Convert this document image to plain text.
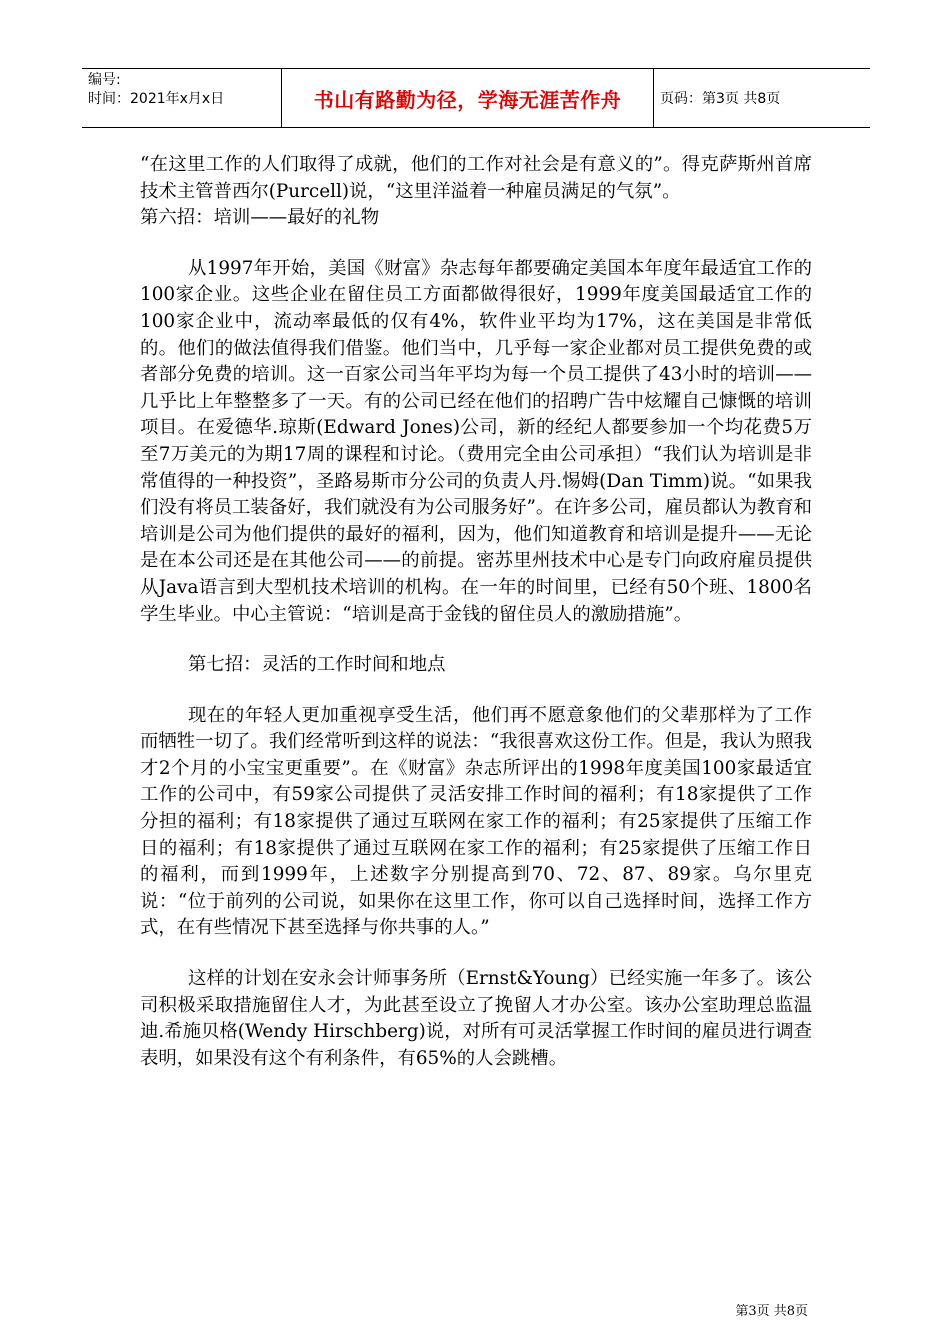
编号:
时间：2021年x月x日	书山有路勤为径，学海无涯苦作舟	页码：第3页 共8页

“在这里工作的人们取得了成就，他们的工作对社会是有意义的”。得克萨斯州首席技术主管普西尔(Purcell)说，“这里洋溢着一种雇员满足的气氛”。

第六招：培训——最好的礼物

从1997年开始，美国《财富》杂志每年都要确定美国本年度年最适宜工作的100家企业。这些企业在留住员工方面都做得很好，1999年度美国最适宜工作的100家企业中，流动率最低的仅有4%，软件业平均为17%，这在美国是非常低的。他们的做法值得我们借鉴。他们当中，几乎每一家企业都对员工提供免费的或者部分免费的培训。这一百家公司当年平均为每一个员工提供了43小时的培训——几乎比上年整整多了一天。有的公司已经在他们的招聘广告中炫耀自己慷慨的培训项目。在爱德华.琼斯(Edward Jones)公司，新的经纪人都要参加一个均花费5万至7万美元的为期17周的课程和讨论。（费用完全由公司承担）“我们认为培训是非常值得的一种投资”，圣路易斯市分公司的负责人丹.惕姆(Dan Timm)说。“如果我们没有将员工装备好，我们就没有为公司服务好”。在许多公司，雇员都认为教育和培训是公司为他们提供的最好的福利，因为，他们知道教育和培训是提升——无论是在本公司还是在其他公司——的前提。密苏里州技术中心是专门向政府雇员提供从Java语言到大型机技术培训的机构。在一年的时间里，已经有50个班、1800名学生毕业。中心主管说：“培训是高于金钱的留住员人的激励措施”。

第七招：灵活的工作时间和地点

现在的年轻人更加重视享受生活，他们再不愿意象他们的父辈那样为了工作而牺牲一切了。我们经常听到这样的说法：“我很喜欢这份工作。但是，我认为照我才2个月的小宝宝更重要”。在《财富》杂志所评出的1998年度美国100家最适宜工作的公司中，有59家公司提供了灵活安排工作时间的福利；有18家提供了工作分担的福利；有18家提供了通过互联网在家工作的福利；有25家提供了压缩工作日的福利；有18家提供了通过互联网在家工作的福利；有25家提供了压缩工作日的福利，而到1999年，上述数字分别提高到70、72、87、89家。乌尔里克说：“位于前列的公司说，如果你在这里工作，你可以自己选择时间，选择工作方式，在有些情况下甚至选择与你共事的人。”

这样的计划在安永会计师事务所（Ernst&Young）已经实施一年多了。该公司积极采取措施留住人才，为此甚至设立了挽留人才办公室。该办公室助理总监温迪.希施贝格(Wendy Hirschberg)说，对所有可灵活掌握工作时间的雇员进行调查表明，如果没有这个有利条件，有65%的人会跳槽。

第3页 共8页
